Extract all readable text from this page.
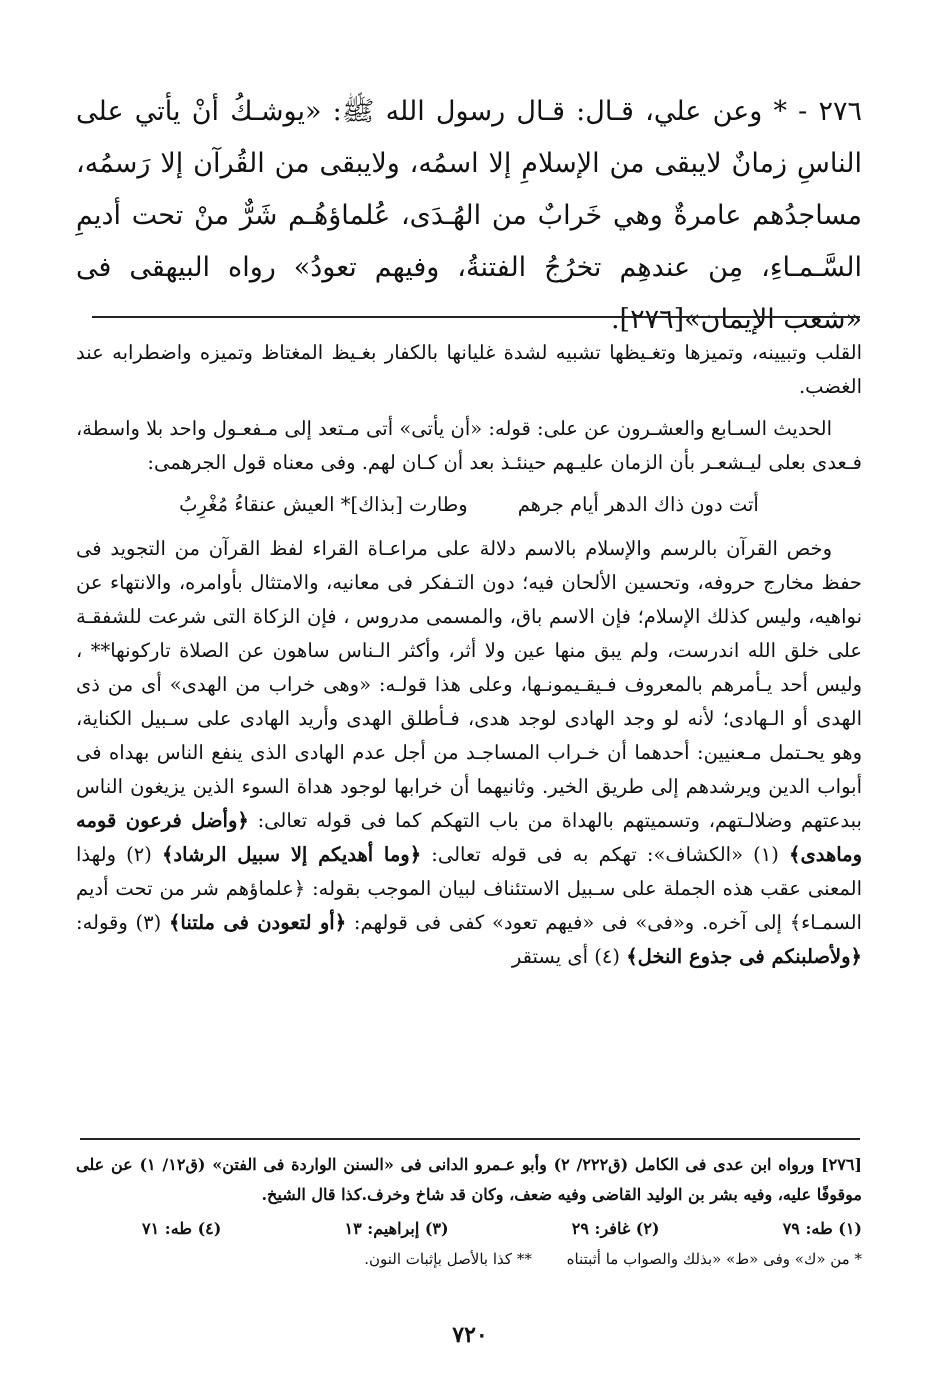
٢٧٦ - * وعن علي، قـال: قـال رسول الله ﷺ: «يوشـكُ أنْ يأتي على الناسِ زمانٌ لايبقى من الإسلامِ إلا اسمُه، ولايبقى من القُرآن إلا رَسمُه، مساجدُهم عامرةٌ وهي خَرابٌ من الهُـدَى، عُلماؤهُـم شَرٌّ منْ تحت أديمِ السَّـمـاءِ، مِن عندهِم تخرُجُ الفتنةُ، وفيهم تعودُ» رواه البيهقى فى «شعب الإيمان»[٢٧٦].

القلب وتبيينه، وتميزها وتغـيظها تشبيه لشدة غليانها بالكفار بغـيظ المغتاظ وتميزه واضطرابه عند الغضب.

الحديث السـابع والعشـرون عن على: قوله: «أن يأتى» أتى مـتعد إلى مـفعـول واحد بلا واسطة، فـعدى بعلى ليـشعـر بأن الزمان عليـهم حينئـذ بعد أن كـان لهم. وفى معناه قول الجرهمى:

أتت دون ذاك الدهر أيام جرهم
وطارت [بذاك]* العيش عنقاءُ مُغْرِبُ

وخص القرآن بالرسم والإسلام بالاسم دلالة على مراعـاة القراء لفظ القرآن من التجويد فى حفظ مخارج حروفه، وتحسين الألحان فيه؛ دون التـفكر فى معانيه، والامتثال بأوامره، والانتهاء عن نواهيه، وليس كذلك الإسلام؛ فإن الاسم باق، والمسمى مدروس ، فإن الزكاة التى شرعت للشفقـة على خلق الله اندرست، ولم يبق منها عين ولا أثر، وأكثر الـناس ساهون عن الصلاة تاركونها** ، وليس أحد يـأمرهم بالمعروف فـيقـيمونـها، وعلى هذا قولـه: «وهى خراب من الهدى» أى من ذى الهدى أو الـهادى؛ لأنه لو وجد الهادى لوجد هدى، فـأطلق الهدى وأريد الهادى على سـبيل الكناية، وهو يحـتمل مـعنيين: أحدهما أن خـراب المساجـد من أجل عدم الهادى الذى ينفع الناس بهداه فى أبواب الدين ويرشدهم إلى طريق الخير. وثانيهما أن خرابها لوجود هداة السوء الذين يزيغون الناس ببدعتهم وضلالـتهم، وتسميتهم بالهداة من باب التهكم كما فى قوله تعالى: ﴿وأضل فرعون قومه وماهدى﴾ (١) «الكشاف»: تهكم به فى قوله تعالى: ﴿وما أهديكم إلا سبيل الرشاد﴾ (٢) ولهذا المعنى عقب هذه الجملة على سـبيل الاستئناف لبيان الموجب بقوله: ﴿علماؤهم شر من تحت أديم السمـاء﴾ إلى آخره. و«فى» فى «فيهم تعود» كفى فى قولهم: ﴿أو لتعودن فى ملتنا﴾ (٣) وقوله: ﴿ولأصلبنكم فى جذوع النخل﴾ (٤) أى يستقر

[٢٧٦] ورواه ابن عدى فى الكامل (ق٢٢٢/ ٢) وأبو عـمرو الدانى فى «السنن الواردة فى الفتن» (ق١٢/ ١) عن على موقوفًا عليه، وفيه بشر بن الوليد القاضى وفيه ضعف، وكان قد شاخ وخرف.كذا قال الشيخ.

(١) طه: ٧٩
(٢) غافر: ٢٩
(٣) إبراهيم: ١٣
(٤) طه: ٧١

* من «ك» وفى «ط» «بذلك والصواب ما أثبتناه ** كذا بالأصل بإثبات النون.

٧٢٠
